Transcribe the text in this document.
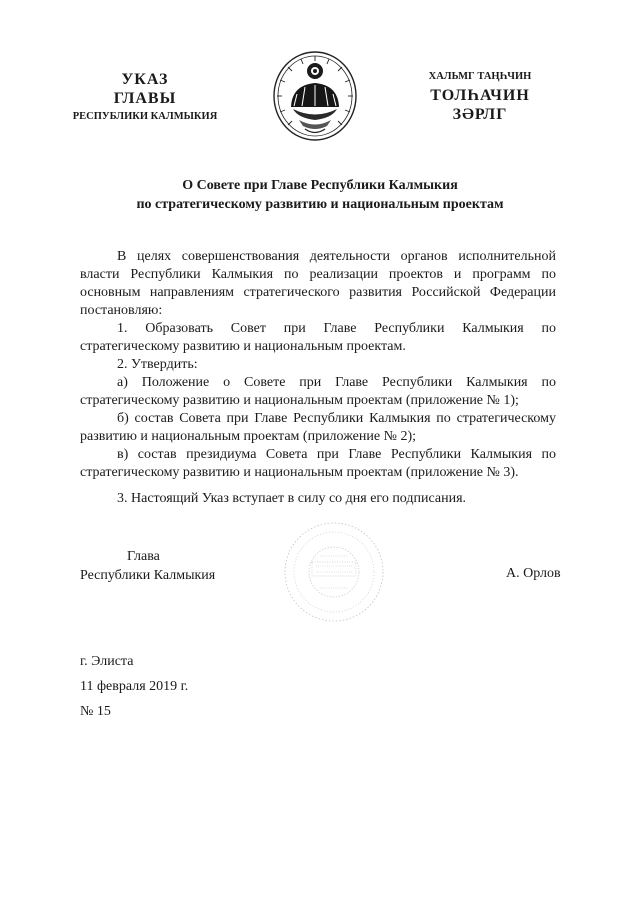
УКАЗ
ГЛАВЫ
РЕСПУБЛИКИ КАЛМЫКИЯ
ХАЛЬМГ ТАҢҺЧИН
ТОЛҺАЧИН
ЗӘРЛГ
О Совете при Главе Республики Калмыкия
по стратегическому развитию и национальным проектам

В целях совершенствования деятельности органов исполнительной власти Республики Калмыкия по реализации проектов и программ по основным направлениям стратегического развития Российской Федерации постановляю:

1. Образовать Совет при Главе Республики Калмыкия по стратегическому развитию и национальным проектам.

2. Утвердить:

а) Положение о Совете при Главе Республики Калмыкия по стратегическому развитию и национальным проектам (приложение № 1);

б) состав Совета при Главе Республики Калмыкия по стратегическому развитию и национальным проектам (приложение № 2);

в) состав президиума Совета при Главе Республики Калмыкия по стратегическому развитию и национальным проектам (приложение № 3).

3. Настоящий Указ вступает в силу со дня его подписания.

Глава
Республики Калмыкия	А. Орлов
г. Элиста
11 февраля 2019 г.
№ 15
